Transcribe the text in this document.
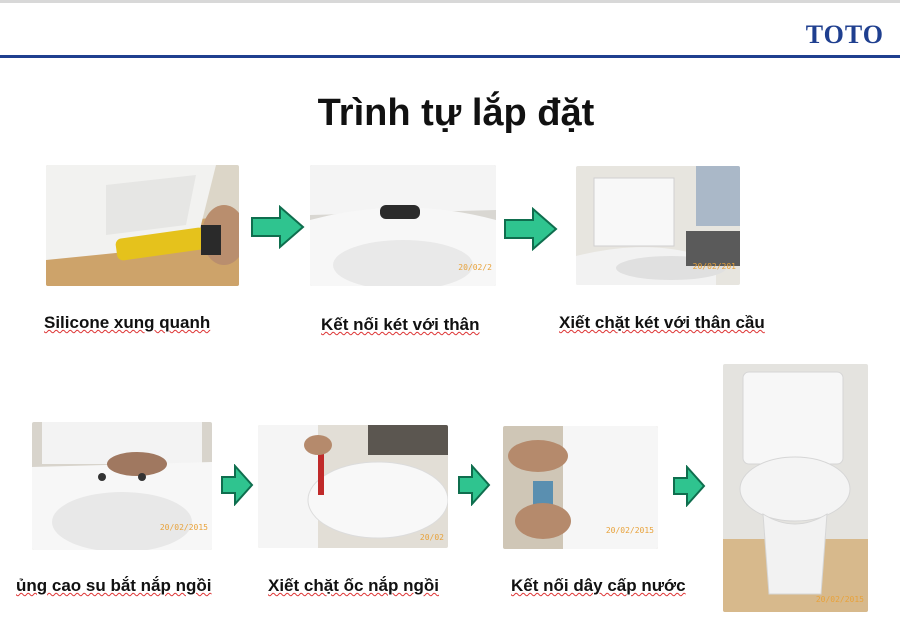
TOTO
Trình tự lắp đặt
20/02/2	20/02/201
Silicone xung quanh	Kết nối két với thân	Xiết chặt két với thân cầu
20/02/2015
20/02
20/02/2015
20/02/2015
ủng cao su bắt nắp ngồi	Xiết chặt ốc nắp ngồi	Kết nối dây cấp nước
